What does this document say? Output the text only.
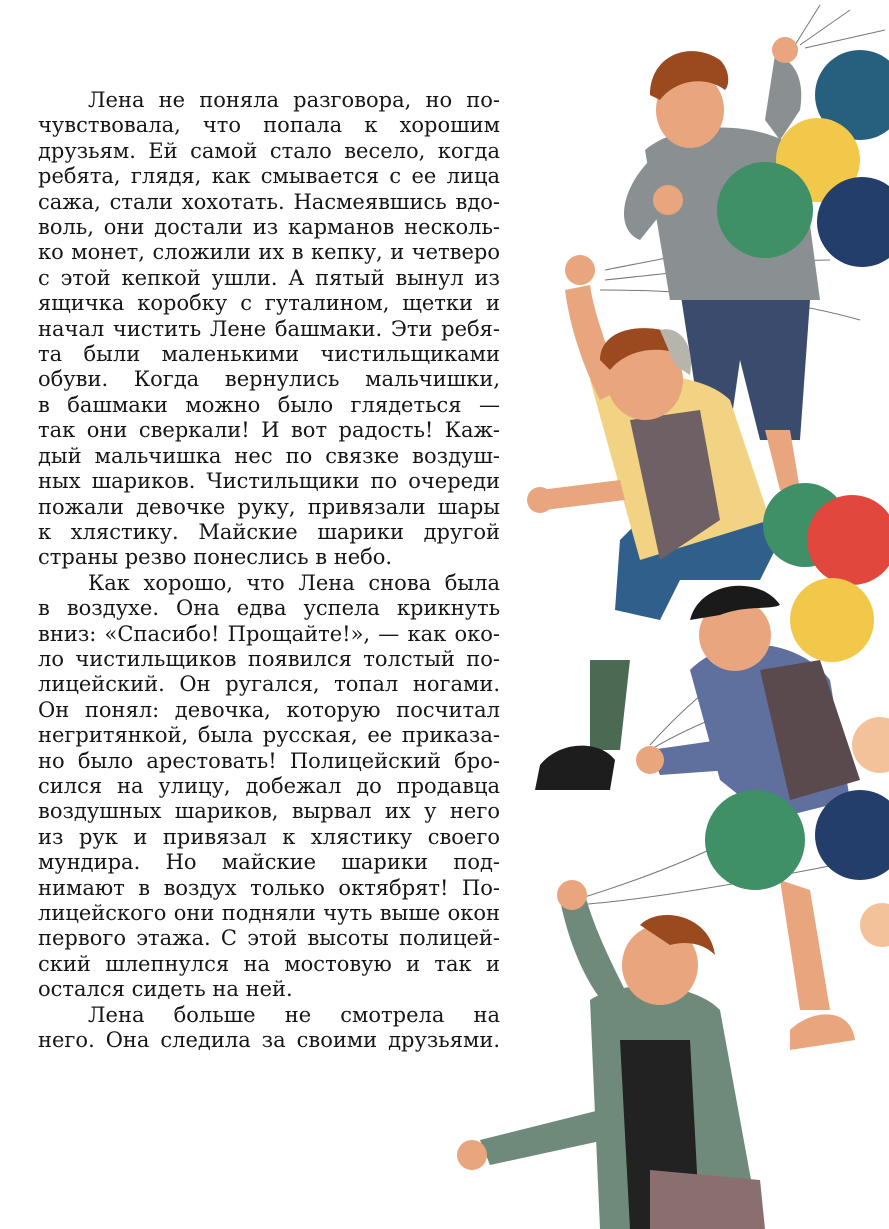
Лена не поняла разговора, но по-
чувствовала, что попала к хорошим
друзьям. Ей самой стало весело, когда
ребята, глядя, как смывается с ее лица
сажа, стали хохотать. Насмеявшись вдо-
воль, они достали из карманов несколь-
ко монет, сложили их в кепку, и четверо
с этой кепкой ушли. А пятый вынул из
ящичка коробку с гуталином, щетки и
начал чистить Лене башмаки. Эти ребя-
та были маленькими чистильщиками
обуви. Когда вернулись мальчишки,
в башмаки можно было глядеться —
так они сверкали! И вот радость! Каж-
дый мальчишка нес по связке воздуш-
ных шариков. Чистильщики по очереди
пожали девочке руку, привязали шары
к хлястику. Майские шарики другой
страны резво понеслись в небо.

Как хорошо, что Лена снова была
в воздухе. Она едва успела крикнуть
вниз: «Спасибо! Прощайте!», — как око-
ло чистильщиков появился толстый по-
лицейский. Он ругался, топал ногами.
Он понял: девочка, которую посчитал
негритянкой, была русская, ее приказа-
но было арестовать! Полицейский бро-
сился на улицу, добежал до продавца
воздушных шариков, вырвал их у него
из рук и привязал к хлястику своего
мундира. Но майские шарики под-
нимают в воздух только октябрят! По-
лицейского они подняли чуть выше окон
первого этажа. С этой высоты полицей-
ский шлепнулся на мостовую и так и
остался сидеть на ней.

Лена больше не смотрела на
него. Она следила за своими друзьями.
